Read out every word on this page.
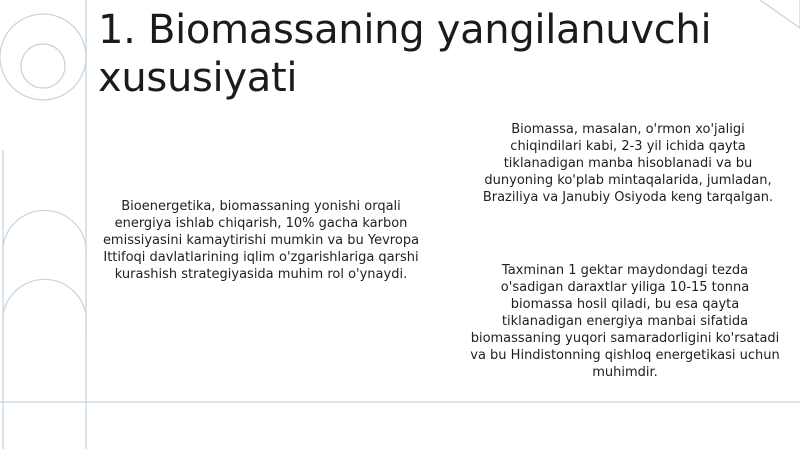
1. Biomassaning yangilanuvchi xususiyati

Biomassa, masalan, o'rmon xo'jaligi chiqindilari kabi, 2-3 yil ichida qayta tiklanadigan manba hisoblanadi va bu dunyoning ko'plab mintaqalarida, jumladan, Braziliya va Janubiy Osiyoda keng tarqalgan.

Bioenergetika, biomassaning yonishi orqali energiya ishlab chiqarish, 10% gacha karbon emissiyasini kamaytirishi mumkin va bu Yevropa Ittifoqi davlatlarining iqlim o'zgarishlariga qarshi kurashish strategiyasida muhim rol o'ynaydi.	Taxminan 1 gektar maydondagi tezda o'sadigan daraxtlar yiliga 10-15 tonna biomassa hosil qiladi, bu esa qayta tiklanadigan energiya manbai sifatida biomassaning yuqori samaradorligini ko'rsatadi va bu Hindistonning qishloq energetikasi uchun muhimdir.
